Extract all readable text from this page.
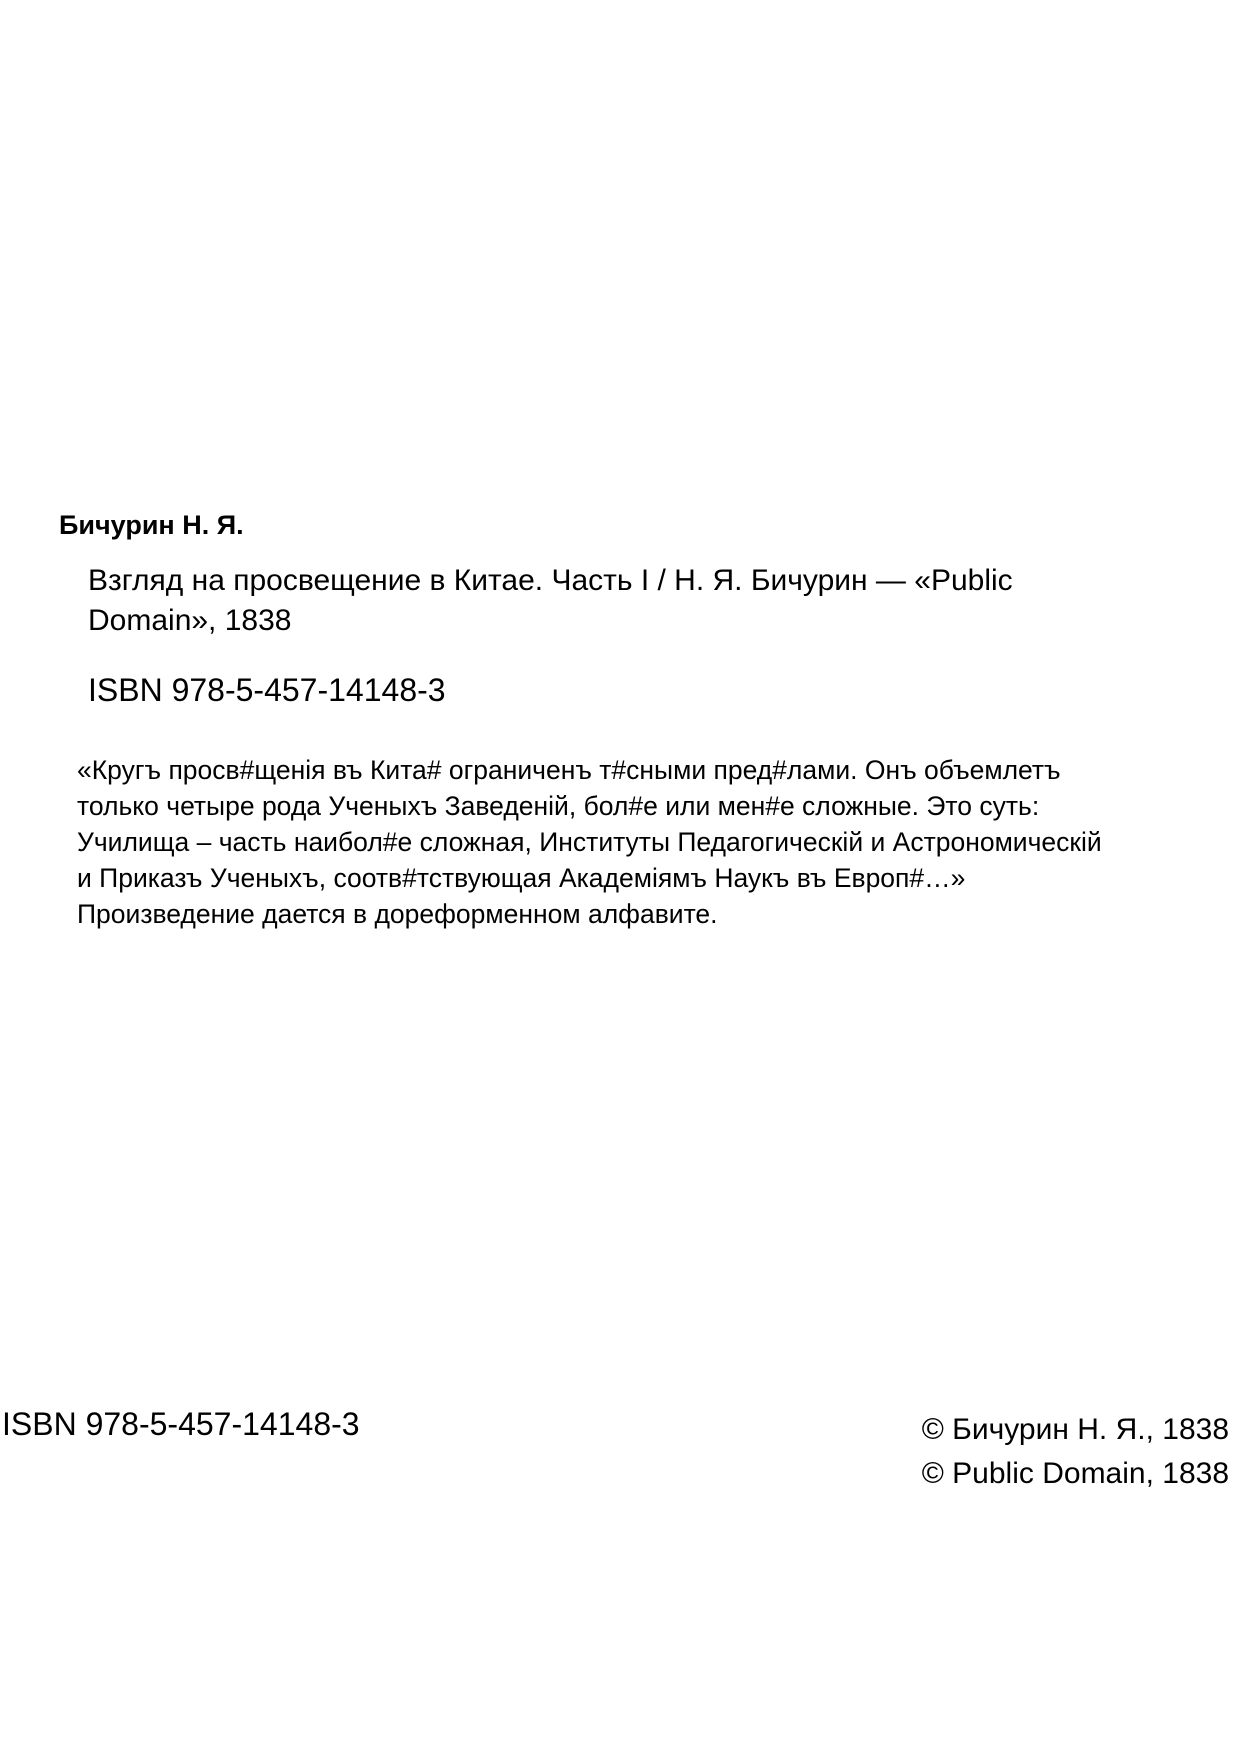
Бичурин Н. Я.
Взгляд на просвещение в Китае. Часть I / Н. Я. Бичурин — «Public
Domain», 1838
ISBN 978-5-457-14148-3
«Кругъ просв#щенія въ Кита# ограниченъ т#сными пред#лами. Онъ объемлетъ
только четыре рода Ученыхъ Заведеній, бол#е или мен#е сложные. Это суть:
Училища – часть наибол#е сложная, Институты Педагогическій и Астрономическій
и Приказъ Ученыхъ, соотв#тствующая Академіямъ Наукъ въ Европ#…»
Произведение дается в дореформенном алфавите.
ISBN 978-5-457-14148-3	© Бичурин Н. Я., 1838
© Public Domain, 1838
